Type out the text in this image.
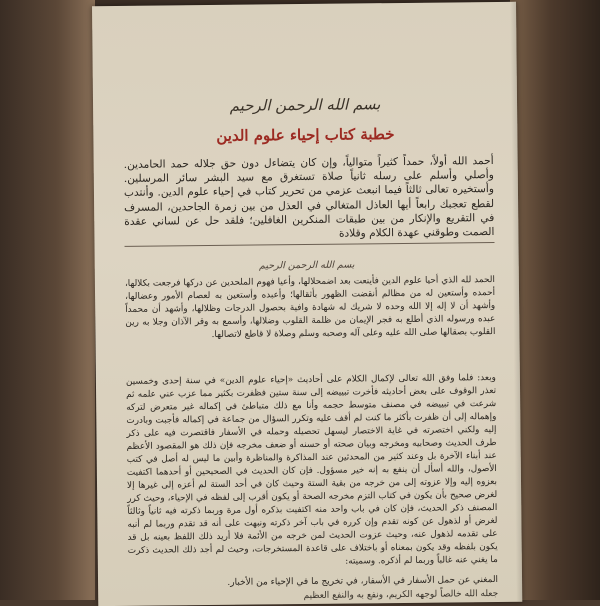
بسم الله الرحمن الرحيم
خطبة كتاب إحياء علوم الدين

أحمد الله أولاً، حمداً كثيراً متوالياً، وإن كان يتضاءل دون حق جلاله حمد الحامدين. وأصلي وأسلم على رسله ثانياً صلاة تستغرق مع سيد البشر سائر المرسلين. وأستخيره تعالى ثالثاً فيما انبعث عزمي من تحرير كتاب في إحياء علوم الدين. وأنتدب لقطع تعجبك رابعاً أيها العاذل المتغالي في العذل من بين زمرة الجاحدين، المسرف في التقريع والإنكار من بين طبقات المنكرين الغافلين؛ فلقد حل عن لساني عقدة الصمت وطوقني عهدة الكلام وقلادة

بسم الله الرحمن الرحيم

الحمد لله الذي أحيا علوم الدين فأينعت بعد اضمحلالها، وأعيا فهوم الملحدين عن دركها فرجعت بكلالها، أحمده وأستعين له من مظالم أنقضت الظهور بأثقالها؛ وأعبده وأستعين به لعصام الأمور وعضالها، وأشهد أن لا إله إلا الله وحده لا شريك له شهادة وافية بحصول الدرجات وظلالها، وأشهد أن محمداً عبده ورسوله الذي أطلع به فجر الإيمان من ظلمة القلوب وضلالها، وأسمع به وقر الآذان وجلا به رين القلوب بصقالها صلى الله عليه وعلى آله وصحبه وسلم وصلاة لا قاطع لاتصالها.

وبعد: فلما وفق الله تعالى لإكمال الكلام على أحاديث «إحياء علوم الدين» في سنة إحدى وخمسين تعذر الوقوف على بعض أحاديثه فأخرت تبييضه إلى سنة ستين فظفرت بكثير مما عزب عني علمه ثم شرعت في تبييضه في مصنف متوسط حجمه وأنا مع ذلك متباطئ في إكماله غير متعرض لتركه وإهماله إلى أن ظفرت بأكثر ما كنت لم أقف عليه وتكرر السؤال من جماعة في إكماله فأجبت وبادرت إليه ولكني اختصرته في غاية الاختصار ليسهل تحصيله وحمله في الأسفار فاقتصرت فيه على ذكر طرف الحديث وصحابيه ومخرجه وبيان صحته أو حسنه أو ضعف مخرجه فإن ذلك هو المقصود الأعظم عند أبناء الآخرة بل وعند كثير من المحدثين عند المذاكرة والمناظرة وأبين ما ليس له أصل في كتب الأصول، والله أسأل أن ينفع به إنه خير مسؤول. فإن كان الحديث في الصحيحين أو أحدهما اكتفيت بعزوه إليه وإلا عزوته إلى من خرجه من بقية الستة وحيث كان في أحد الستة لم أعزه إلى غيرها إلا لغرض صحيح بأن يكون في كتاب التزم مخرجه الصحة أو يكون أقرب إلى لفظه في الإحياء، وحيث كرر المصنف ذكر الحديث، فإن كان في باب واحد منه اكتفيت بذكره أول مرة وربما ذكرته فيه ثانياً وثالثاً لغرض أو لذهول عن كونه تقدم وإن كرره في باب آخر ذكرته ونبهت على أنه قد تقدم وربما لم أنبه على تقدمه لذهول عنه، وحيث عزوت الحديث لمن خرجه من الأئمة فلا أريد ذلك اللفظ بعينه بل قد يكون بلفظه وقد يكون بمعناه أو باختلاف على قاعدة المستخرجات، وحيث لم أجد ذلك الحديث ذكرت ما يغني عنه غالباً وربما لم أذكره. وسميته:

المغني عن حمل الأسفار في الأسفار، في تخريج ما في الإحياء من الأخبار.
جعله الله خالصاً لوجهه الكريم، ونفع به والنفع العظيم
